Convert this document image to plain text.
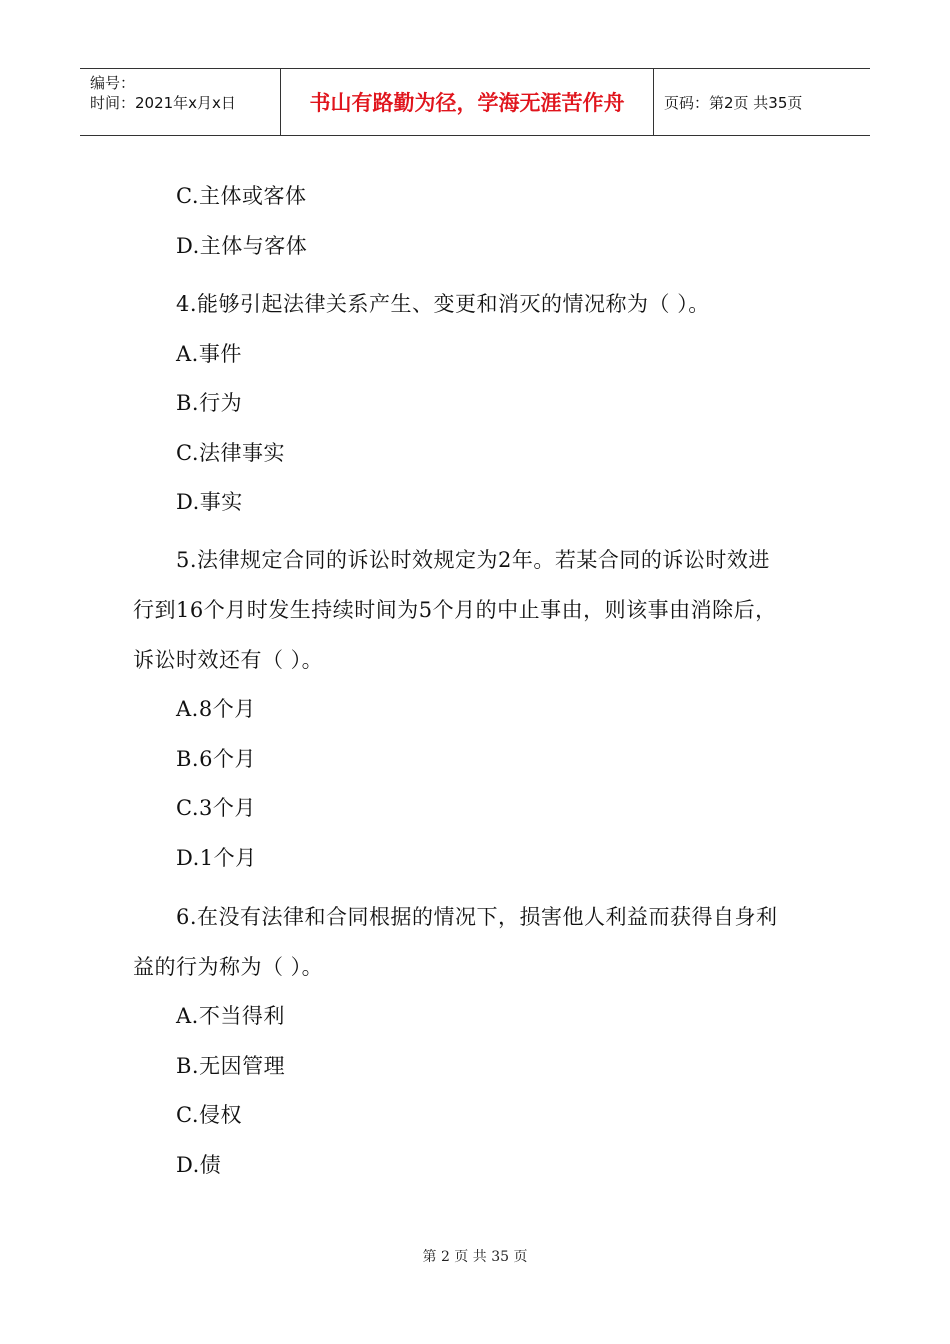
编号：
时间：2021年x月x日	书山有路勤为径，学海无涯苦作舟	页码：第2页 共35页
C.主体或客体
D.主体与客体
4.能够引起法律关系产生、变更和消灭的情况称为（ ）。
A.事件
B.行为
C.法律事实
D.事实
5.法律规定合同的诉讼时效规定为2年。若某合同的诉讼时效进
行到16个月时发生持续时间为5个月的中止事由，则该事由消除后，
诉讼时效还有（ ）。
A.8个月
B.6个月
C.3个月
D.1个月
6.在没有法律和合同根据的情况下，损害他人利益而获得自身利
益的行为称为（ ）。
A.不当得利
B.无因管理
C.侵权
D.债
第 2 页 共 35 页
